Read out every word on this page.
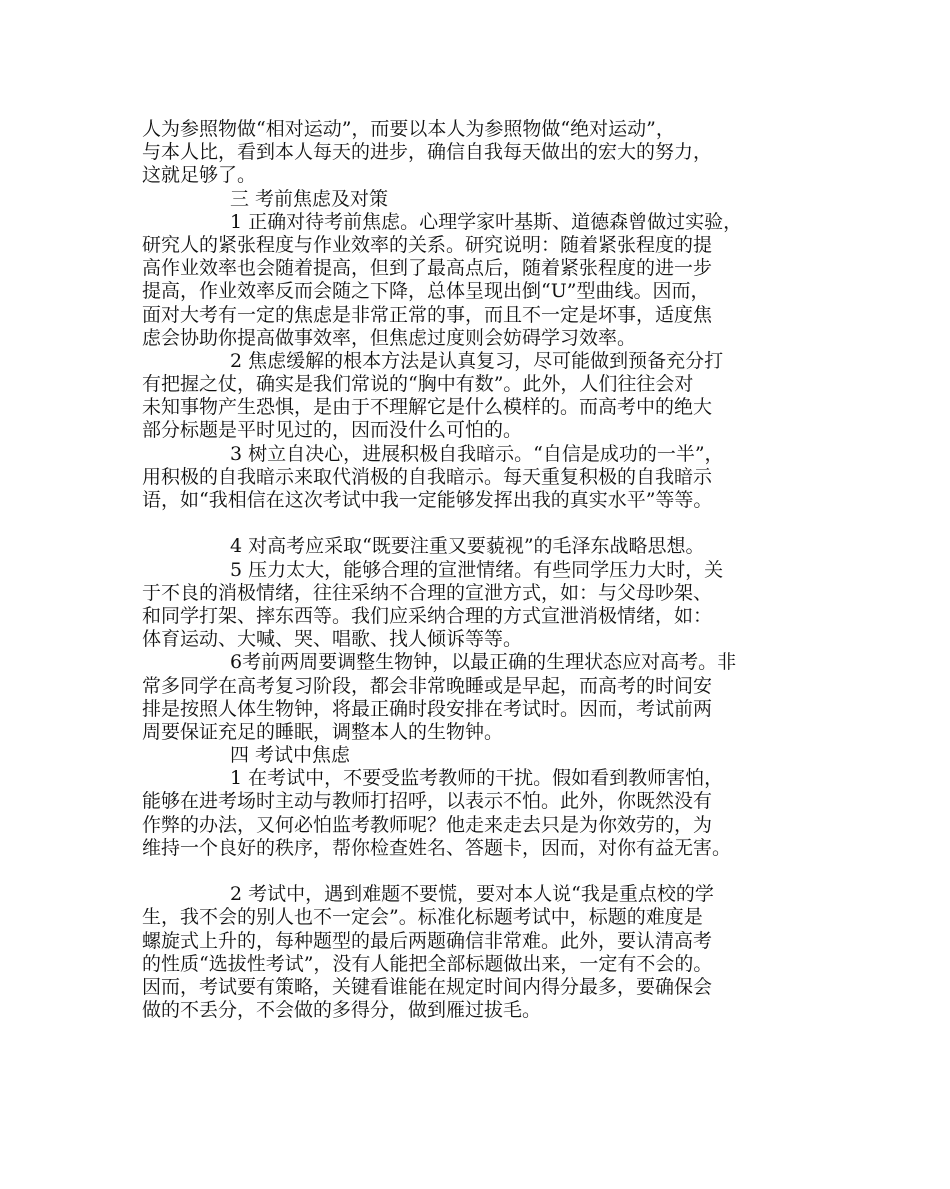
人为参照物做“相对运动”，而要以本人为参照物做“绝对运动”，
与本人比，看到本人每天的进步，确信自我每天做出的宏大的努力，
这就足够了。
三 考前焦虑及对策
1 正确对待考前焦虑。心理学家叶基斯、道德森曾做过实验，
研究人的紧张程度与作业效率的关系。研究说明：随着紧张程度的提
高作业效率也会随着提高，但到了最高点后，随着紧张程度的进一步
提高，作业效率反而会随之下降，总体呈现出倒“U”型曲线。因而，
面对大考有一定的焦虑是非常正常的事，而且不一定是坏事，适度焦
虑会协助你提高做事效率，但焦虑过度则会妨碍学习效率。
2 焦虑缓解的根本方法是认真复习，尽可能做到预备充分打
有把握之仗，确实是我们常说的“胸中有数”。此外，人们往往会对
未知事物产生恐惧，是由于不理解它是什么模样的。而高考中的绝大
部分标题是平时见过的，因而没什么可怕的。
3 树立自决心，进展积极自我暗示。“自信是成功的一半”，
用积极的自我暗示来取代消极的自我暗示。每天重复积极的自我暗示
语，如“我相信在这次考试中我一定能够发挥出我的真实水平”等等。
4 对高考应采取“既要注重又要藐视”的毛泽东战略思想。
5 压力太大，能够合理的宣泄情绪。有些同学压力大时，关
于不良的消极情绪，往往采纳不合理的宣泄方式，如：与父母吵架、
和同学打架、摔东西等。我们应采纳合理的方式宣泄消极情绪，如：
体育运动、大喊、哭、唱歌、找人倾诉等等。
6考前两周要调整生物钟，以最正确的生理状态应对高考。非
常多同学在高考复习阶段，都会非常晚睡或是早起，而高考的时间安
排是按照人体生物钟，将最正确时段安排在考试时。因而，考试前两
周要保证充足的睡眠，调整本人的生物钟。
四 考试中焦虑
1 在考试中，不要受监考教师的干扰。假如看到教师害怕，
能够在进考场时主动与教师打招呼，以表示不怕。此外，你既然没有
作弊的办法，又何必怕监考教师呢？他走来走去只是为你效劳的，为
维持一个良好的秩序，帮你检查姓名、答题卡，因而，对你有益无害。
2 考试中，遇到难题不要慌，要对本人说“我是重点校的学
生，我不会的别人也不一定会”。标准化标题考试中，标题的难度是
螺旋式上升的，每种题型的最后两题确信非常难。此外，要认清高考
的性质“选拔性考试”，没有人能把全部标题做出来，一定有不会的。
因而，考试要有策略，关键看谁能在规定时间内得分最多，要确保会
做的不丢分，不会做的多得分，做到雁过拔毛。
